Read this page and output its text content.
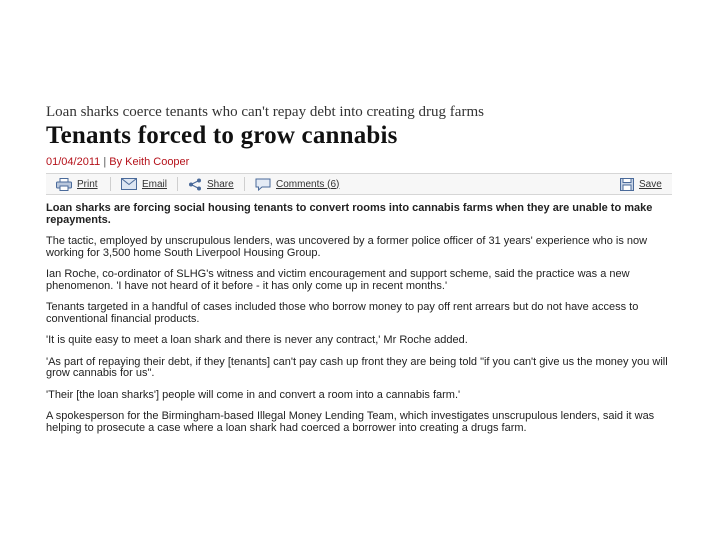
Loan sharks coerce tenants who can't repay debt into creating drug farms

Tenants forced to grow cannabis
01/04/2011 | By Keith Cooper
Print	Email	Share	Comments (6)	Save

Loan sharks are forcing social housing tenants to convert rooms into cannabis farms when they are unable to make repayments.

The tactic, employed by unscrupulous lenders, was uncovered by a former police officer of 31 years' experience who is now working for 3,500 home South Liverpool Housing Group.

Ian Roche, co-ordinator of SLHG's witness and victim encouragement and support scheme, said the practice was a new phenomenon. 'I have not heard of it before - it has only come up in recent months.'

Tenants targeted in a handful of cases included those who borrow money to pay off rent arrears but do not have access to conventional financial products.

'It is quite easy to meet a loan shark and there is never any contract,' Mr Roche added.

'As part of repaying their debt, if they [tenants] can't pay cash up front they are being told "if you can't give us the money you will grow cannabis for us".

'Their [the loan sharks'] people will come in and convert a room into a cannabis farm.'

A spokesperson for the Birmingham-based Illegal Money Lending Team, which investigates unscrupulous lenders, said it was helping to prosecute a case where a loan shark had coerced a borrower into creating a drugs farm.
